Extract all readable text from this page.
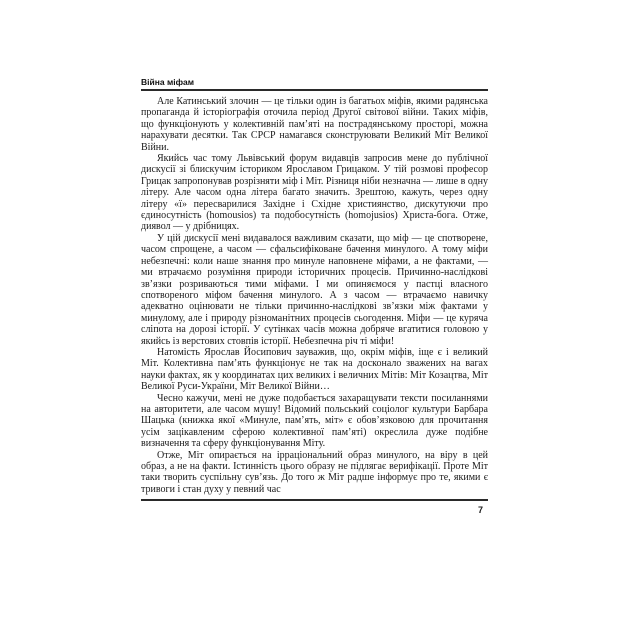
Війна міфам

Але Катинський злочин — це тільки один із багатьох міфів, якими радянська пропаганда й історіографія оточила період Другої світової війни. Таких міфів, що функціонують у колективній пам’яті на пострадянському просторі, можна нарахувати десятки. Так СРСР намагався сконструювати Великий Міт Великої Війни.

Якийсь час тому Львівський форум видавців запросив мене до публічної дискусії зі блискучим істориком Ярославом Грицаком. У тій розмові професор Грицак запропонував розрізняти міф і Міт. Різниця ніби незначна — лише в одну літеру. Але часом одна літера багато значить. Зрештою, кажуть, через одну літеру «ї» пересварилися Західне і Східне християнство, дискутуючи про єдиносутність (homousios) та подобосутність (homojusios) Христа-бога. Отже, диявол — у дрібницях.

У цій дискусії мені видавалося важливим сказати, що міф — це спотворене, часом спрощене, а часом — сфальсифіковане бачення минулого. А тому міфи небезпечні: коли наше знання про минуле наповнене міфами, а не фактами, — ми втрачаємо розуміння природи історичних процесів. Причинно-наслідкові зв’язки розриваються тими міфами. І ми опиняємося у пастці власного спотвореного міфом бачення минулого. А з часом — втрачаємо навичку адекватно оцінювати не тільки причинно-наслідкові зв’язки між фактами у минулому, але і природу різноманітних процесів сьогодення. Міфи — це куряча сліпота на дорозі історії. У сутінках часів можна добряче вгатитися головою у якийсь із верстових стовпів історії. Небезпечна річ ті міфи!

Натомість Ярослав Йосипович зауважив, що, окрім міфів, іще є і великий Міт. Колективна пам’ять функціонує не так на досконало зважених на вагах науки фактах, як у координатах цих великих і величних Мітів: Міт Козацтва, Міт Великої Руси-України, Міт Великої Війни…

Чесно кажучи, мені не дуже подобається захаращувати тексти посиланнями на авторитети, але часом мушу! Відомий польський соціолог культури Барбара Шацька (книжка якої «Минуле, пам’ять, міт» є обов’язковою для прочитання усім зацікавленим сферою колективної пам’яті) окреслила дуже подібне визначення та сферу функціонування Міту.

Отже, Міт опирається на ірраціональний образ минулого, на віру в цей образ, а не на факти. Істинність цього образу не підлягає верифікації. Проте Міт таки творить суспільну сув’язь. До того ж Міт радше інформує про те, якими є тривоги і стан духу у певний час

7
